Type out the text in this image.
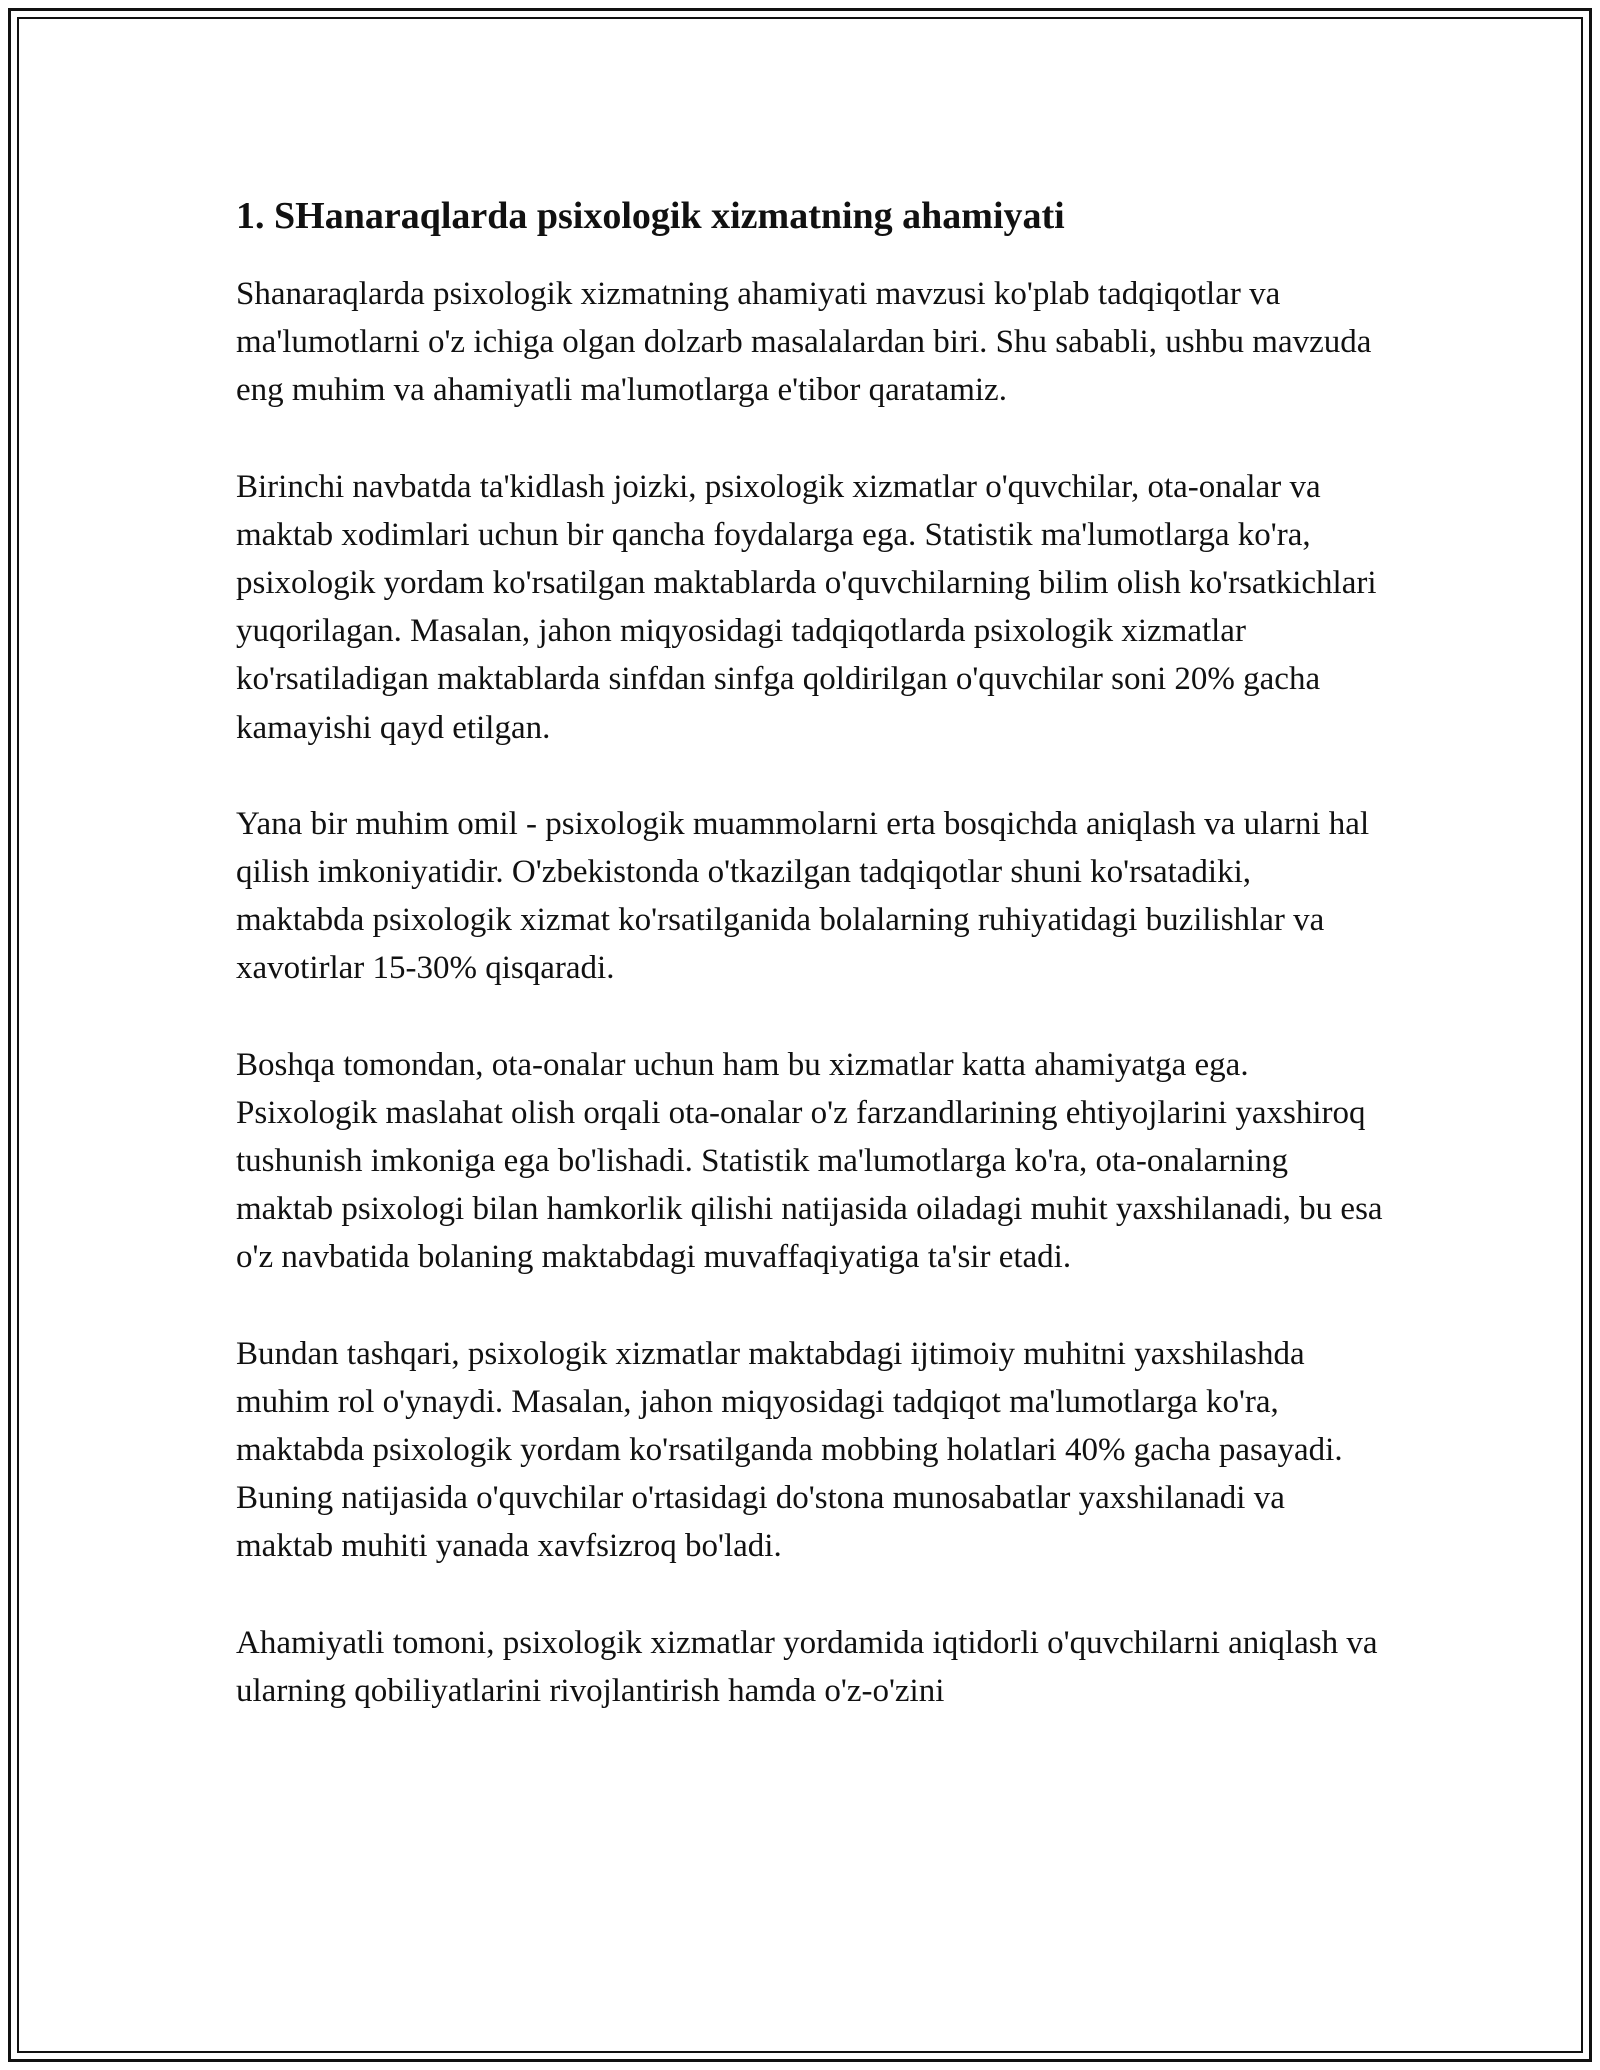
1. SHanaraqlarda psixologik xizmatning ahamiyati

Shanaraqlarda psixologik xizmatning ahamiyati mavzusi ko'plab tadqiqotlar va ma'lumotlarni o'z ichiga olgan dolzarb masalalardan biri. Shu sababli, ushbu mavzuda eng muhim va ahamiyatli ma'lumotlarga e'tibor qaratamiz.

Birinchi navbatda ta'kidlash joizki, psixologik xizmatlar o'quvchilar, ota-onalar va maktab xodimlari uchun bir qancha foydalarga ega. Statistik ma'lumotlarga ko'ra, psixologik yordam ko'rsatilgan maktablarda o'quvchilarning bilim olish ko'rsatkichlari yuqorilagan. Masalan, jahon miqyosidagi tadqiqotlarda psixologik xizmatlar ko'rsatiladigan maktablarda sinfdan sinfga qoldirilgan o'quvchilar soni 20% gacha kamayishi qayd etilgan.

Yana bir muhim omil - psixologik muammolarni erta bosqichda aniqlash va ularni hal qilish imkoniyatidir. O'zbekistonda o'tkazilgan tadqiqotlar shuni ko'rsatadiki, maktabda psixologik xizmat ko'rsatilganida bolalarning ruhiyatidagi buzilishlar va xavotirlar 15-30% qisqaradi.

Boshqa tomondan, ota-onalar uchun ham bu xizmatlar katta ahamiyatga ega. Psixologik maslahat olish orqali ota-onalar o'z farzandlarining ehtiyojlarini yaxshiroq tushunish imkoniga ega bo'lishadi. Statistik ma'lumotlarga ko'ra, ota-onalarning maktab psixologi bilan hamkorlik qilishi natijasida oiladagi muhit yaxshilanadi, bu esa o'z navbatida bolaning maktabdagi muvaffaqiyatiga ta'sir etadi.

Bundan tashqari, psixologik xizmatlar maktabdagi ijtimoiy muhitni yaxshilashda muhim rol o'ynaydi. Masalan, jahon miqyosidagi tadqiqot ma'lumotlarga ko'ra, maktabda psixologik yordam ko'rsatilganda mobbing holatlari 40% gacha pasayadi. Buning natijasida o'quvchilar o'rtasidagi do'stona munosabatlar yaxshilanadi va maktab muhiti yanada xavfsizroq bo'ladi.

Ahamiyatli tomoni, psixologik xizmatlar yordamida iqtidorli o'quvchilarni aniqlash va ularning qobiliyatlarini rivojlantirish hamda o'z-o'zini
